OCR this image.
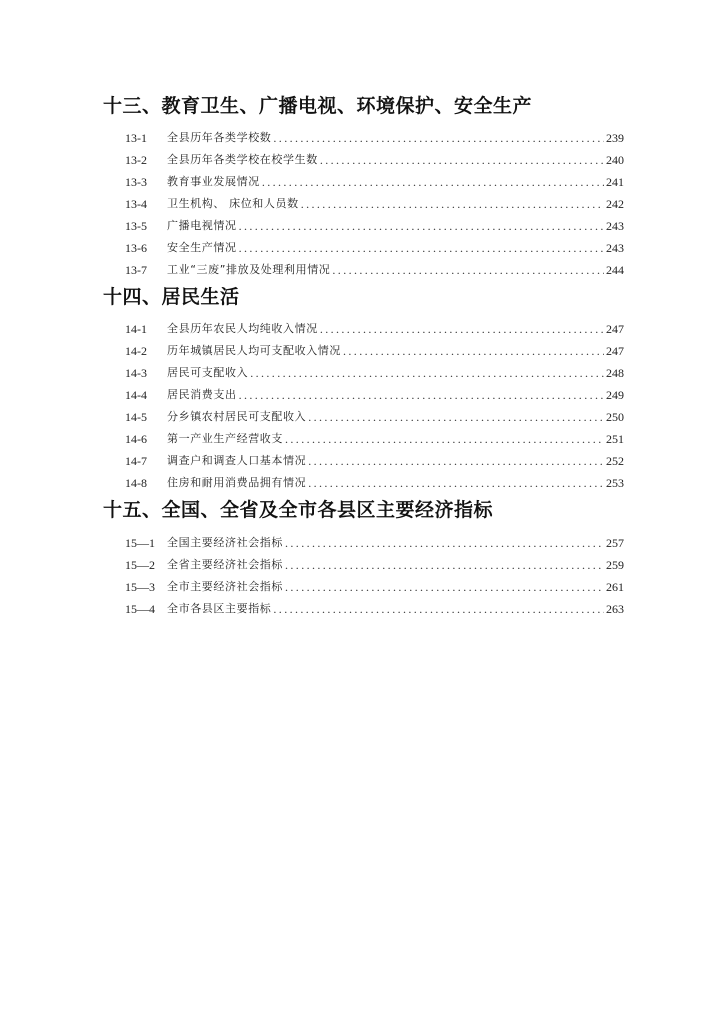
十三、教育卫生、广播电视、环境保护、安全生产
13-1	全县历年各类学校数 .....	239
13-2	全县历年各类学校在校学生数 .....	240
13-3	教育事业发展情况 .....	241
13-4	卫生机构、 床位和人员数 .....	242
13-5	广播电视情况 .....	243
13-6	安全生产情况 .....	243
13-7	工业“三废”排放及处理利用情况 .....	244
十四、居民生活
14-1	全县历年农民人均纯收入情况 .....	247
14-2	历年城镇居民人均可支配收入情况 .....	247
14-3	居民可支配收入 .....	248
14-4	居民消费支出 .....	249
14-5	分乡镇农村居民可支配收入 .....	250
14-6	第一产业生产经营收支 .....	251
14-7	调查户和调查人口基本情况 .....	252
14-8	住房和耐用消费品拥有情况 .....	253
十五、全国、全省及全市各县区主要经济指标
15—1	全国主要经济社会指标 .....	257
15—2	全省主要经济社会指标 .....	259
15—3	全市主要经济社会指标 .....	261
15—4	全市各县区主要指标 .....	263
